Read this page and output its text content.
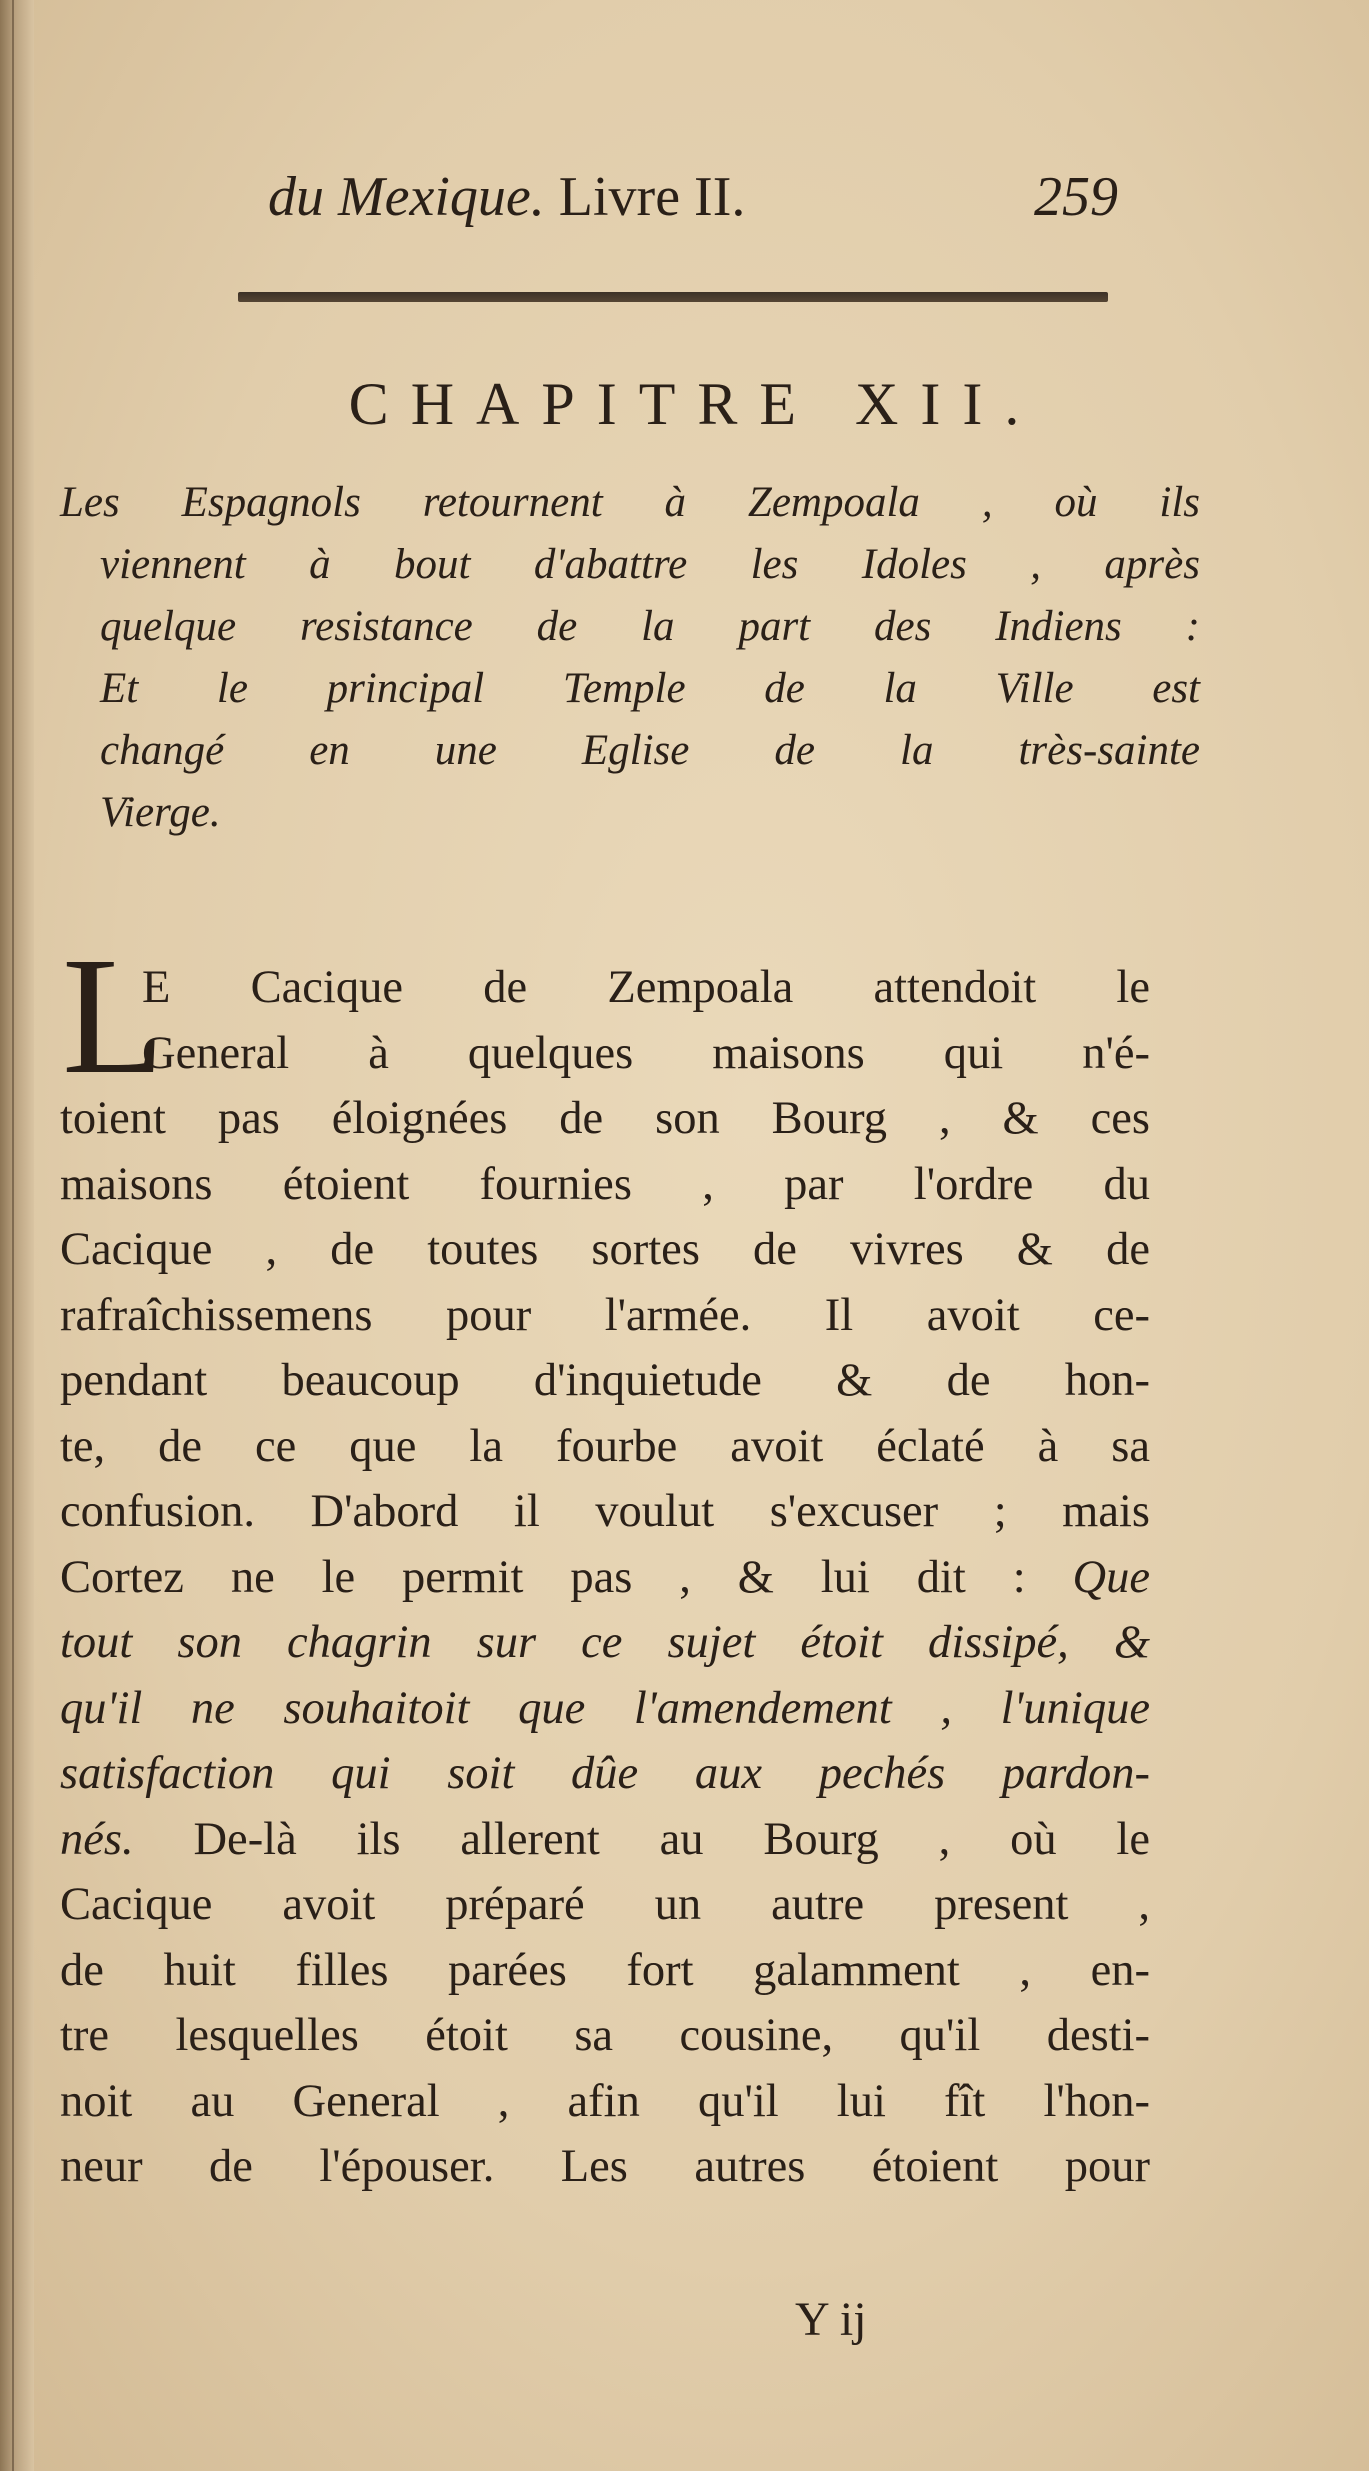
du Mexique. Livre II.	259
CHAPITRE XII.
Les Espagnols retournent à Zempoala , où ils
viennent à bout d'abattre les Idoles , après
quelque resistance de la part des Indiens :
Et le principal Temple de la Ville est
changé en une Eglise de la très-sainte
Vierge.
L
E Cacique de Zempoala attendoit le
General à quelques maisons qui n'é-
toient pas éloignées de son Bourg , & ces
maisons étoient fournies , par l'ordre du
Cacique , de toutes sortes de vivres & de
rafraîchissemens pour l'armée. Il avoit ce-
pendant beaucoup d'inquietude & de hon-
te, de ce que la fourbe avoit éclaté à sa
confusion. D'abord il voulut s'excuser ; mais
Cortez ne le permit pas , & lui dit : Que
tout son chagrin sur ce sujet étoit dissipé, &
qu'il ne souhaitoit que l'amendement , l'unique
satisfaction qui soit dûe aux pechés pardon-
nés. De-là ils allerent au Bourg , où le
Cacique avoit préparé un autre present ,
de huit filles parées fort galamment , en-
tre lesquelles étoit sa cousine, qu'il desti-
noit au General , afin qu'il lui fît l'hon-
neur de l'épouser. Les autres étoient pour
Y ij
